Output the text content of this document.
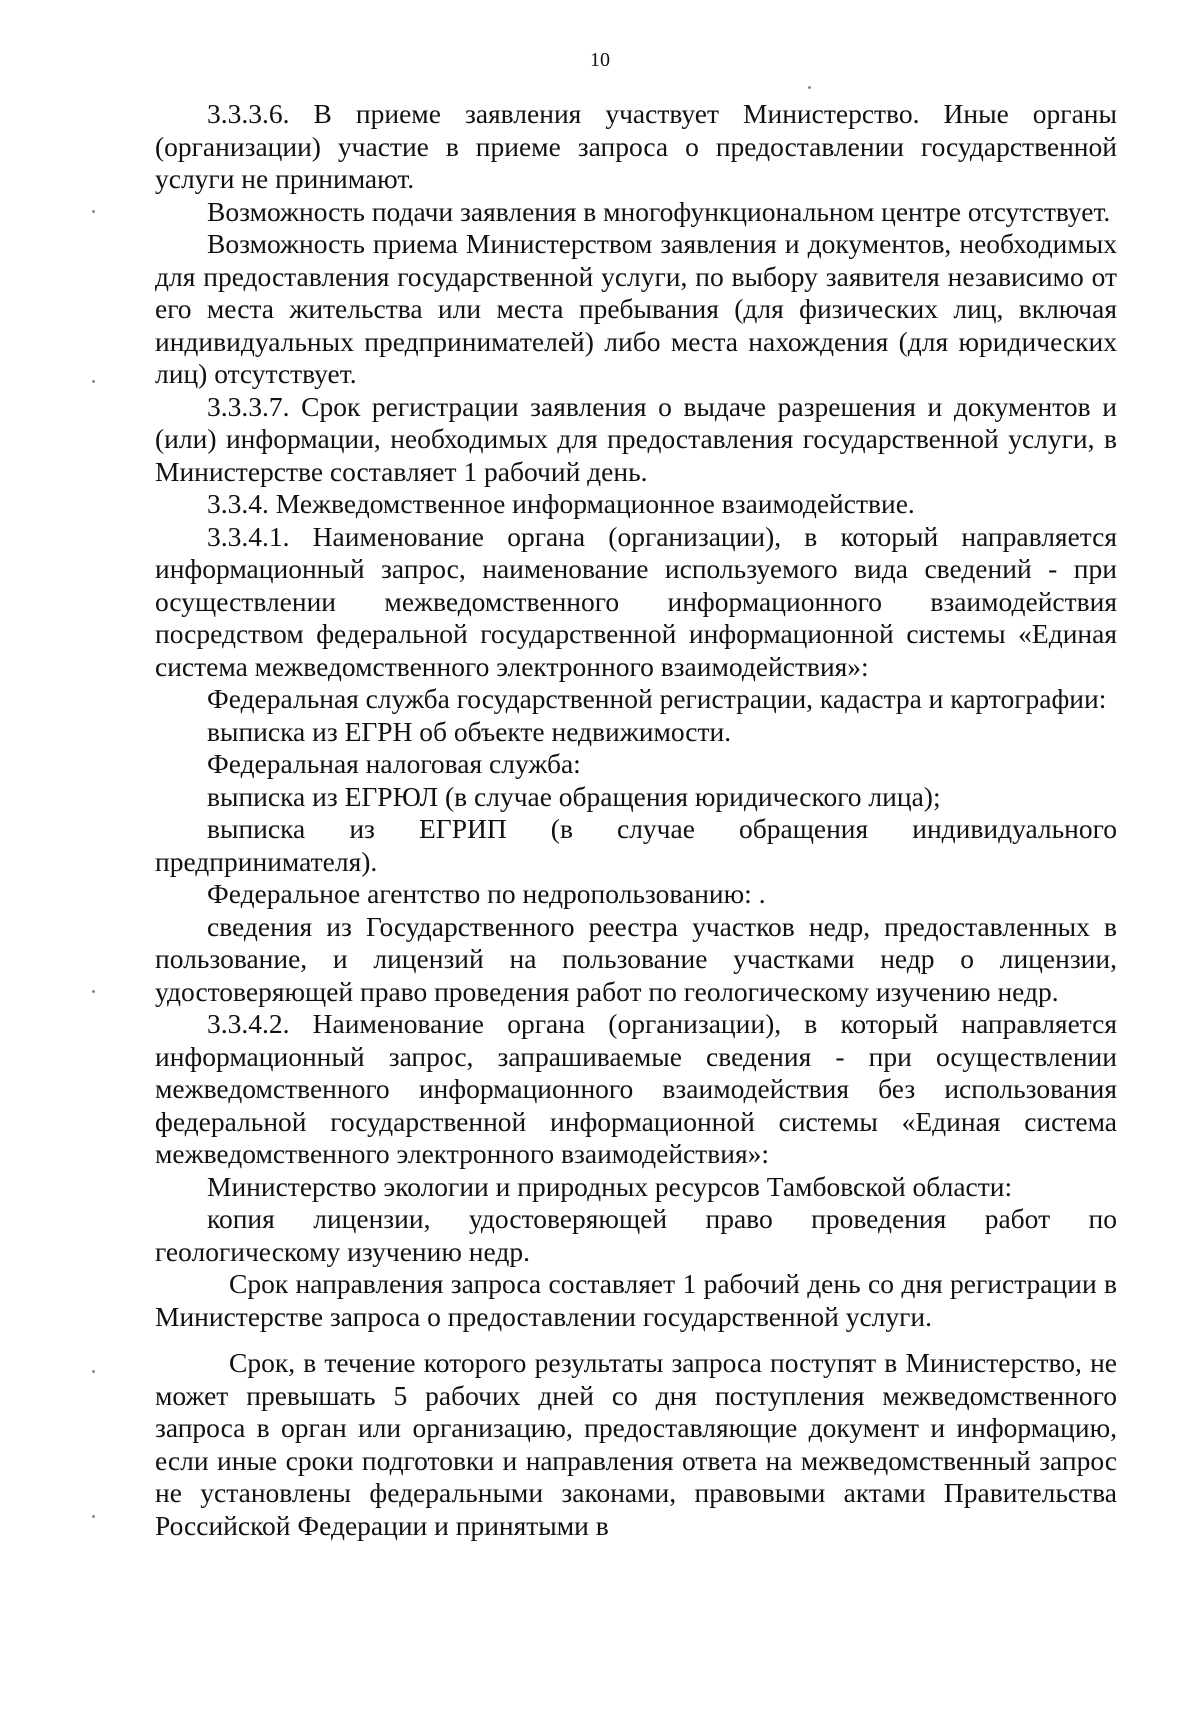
10

3.3.3.6. В приеме заявления участвует Министерство. Иные органы (организации) участие в приеме запроса о предоставлении государственной услуги не принимают.

Возможность подачи заявления в многофункциональном центре отсутствует.

Возможность приема Министерством заявления и документов, необходимых для предоставления государственной услуги, по выбору заявителя независимо от его места жительства или места пребывания (для физических лиц, включая индивидуальных предпринимателей) либо места нахождения (для юридических лиц) отсутствует.

3.3.3.7. Срок регистрации заявления о выдаче разрешения и документов и (или) информации, необходимых для предоставления государственной услуги, в Министерстве составляет 1 рабочий день.

3.3.4. Межведомственное информационное взаимодействие.

3.3.4.1. Наименование органа (организации), в который направляется информационный запрос, наименование используемого вида сведений - при осуществлении межведомственного информационного взаимодействия посредством федеральной государственной информационной системы «Единая система межведомственного электронного взаимодействия»:

Федеральная служба государственной регистрации, кадастра и картографии:

выписка из ЕГРН об объекте недвижимости.

Федеральная налоговая служба:

выписка из ЕГРЮЛ (в случае обращения юридического лица);

выписка из ЕГРИП (в случае обращения индивидуального предпринимателя).

Федеральное агентство по недропользованию: .

сведения из Государственного реестра участков недр, предоставленных в пользование, и лицензий на пользование участками недр о лицензии, удостоверяющей право проведения работ по геологическому изучению недр.

3.3.4.2. Наименование органа (организации), в который направляется информационный запрос, запрашиваемые сведения - при осуществлении межведомственного информационного взаимодействия без использования федеральной государственной информационной системы «Единая система межведомственного электронного взаимодействия»:

Министерство экологии и природных ресурсов Тамбовской области:

копия лицензии, удостоверяющей право проведения работ по геологическому изучению недр.

Срок направления запроса составляет 1 рабочий день со дня регистрации в Министерстве запроса о предоставлении государственной услуги.

Срок, в течение которого результаты запроса поступят в Министерство, не может превышать 5 рабочих дней со дня поступления межведомственного запроса в орган или организацию, предоставляющие документ и информацию, если иные сроки подготовки и направления ответа на межведомственный запрос не установлены федеральными законами, правовыми актами Правительства Российской Федерации и принятыми в
